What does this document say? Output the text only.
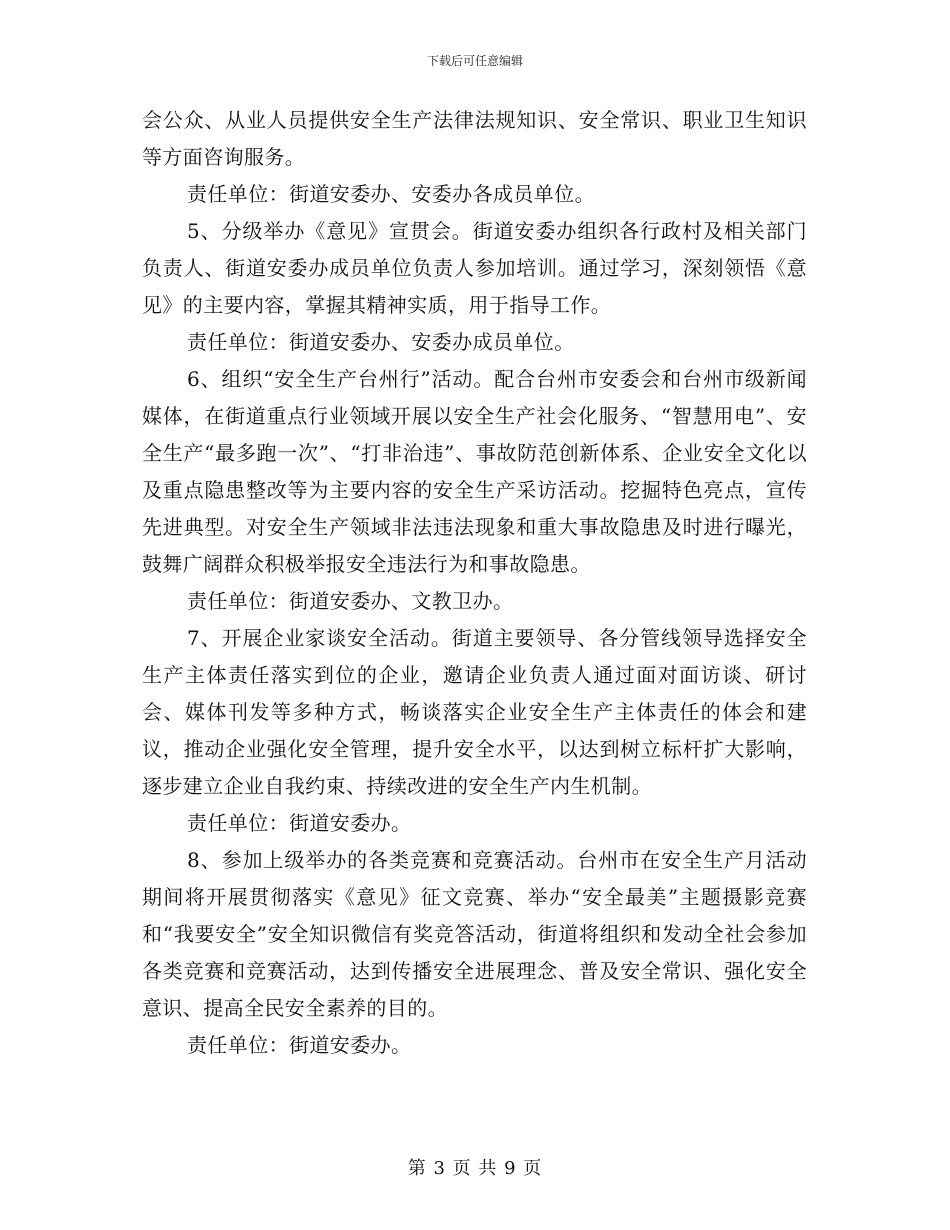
下载后可任意编辑

会公众、从业人员提供安全生产法律法规知识、安全常识、职业卫生知识等方面咨询服务。

责任单位：街道安委办、安委办各成员单位。

5、分级举办《意见》宣贯会。街道安委办组织各行政村及相关部门负责人、街道安委办成员单位负责人参加培训。通过学习，深刻领悟《意见》的主要内容，掌握其精神实质，用于指导工作。

责任单位：街道安委办、安委办成员单位。

6、组织“安全生产台州行”活动。配合台州市安委会和台州市级新闻媒体，在街道重点行业领域开展以安全生产社会化服务、“智慧用电”、安全生产“最多跑一次”、“打非治违”、事故防范创新体系、企业安全文化以及重点隐患整改等为主要内容的安全生产采访活动。挖掘特色亮点，宣传先进典型。对安全生产领域非法违法现象和重大事故隐患及时进行曝光，鼓舞广阔群众积极举报安全违法行为和事故隐患。

责任单位：街道安委办、文教卫办。

7、开展企业家谈安全活动。街道主要领导、各分管线领导选择安全生产主体责任落实到位的企业，邀请企业负责人通过面对面访谈、研讨会、媒体刊发等多种方式，畅谈落实企业安全生产主体责任的体会和建议，推动企业强化安全管理，提升安全水平，以达到树立标杆扩大影响，逐步建立企业自我约束、持续改进的安全生产内生机制。

责任单位：街道安委办。

8、参加上级举办的各类竞赛和竞赛活动。台州市在安全生产月活动期间将开展贯彻落实《意见》征文竞赛、举办“安全最美”主题摄影竞赛和“我要安全”安全知识微信有奖竞答活动，街道将组织和发动全社会参加各类竞赛和竞赛活动，达到传播安全进展理念、普及安全常识、强化安全意识、提高全民安全素养的目的。

责任单位：街道安委办。

第 3 页 共 9 页
